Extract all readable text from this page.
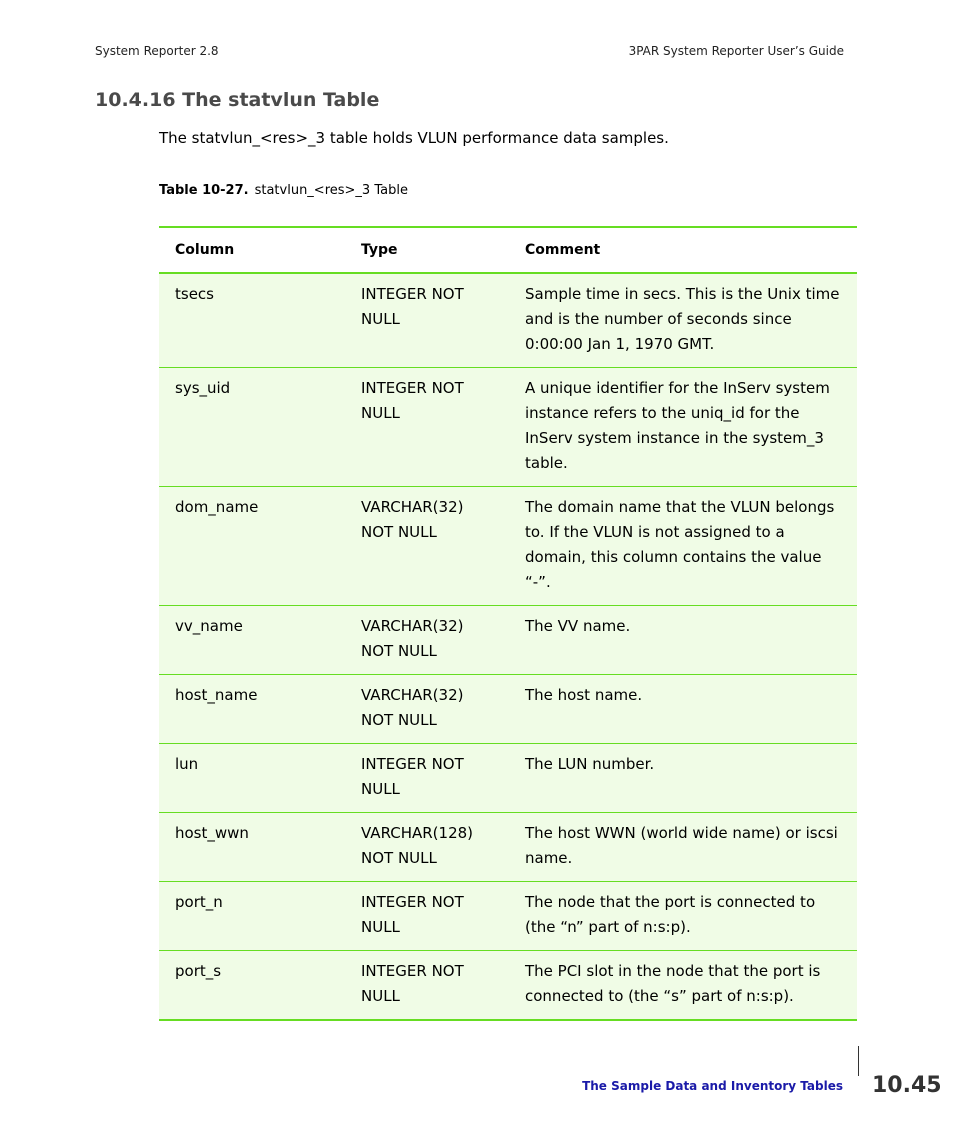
System Reporter 2.8	3PAR System Reporter User’s Guide
10.4.16 The statvlun Table

The statvlun_<res>_3 table holds VLUN performance data samples.

Table 10-27. statvlun_<res>_3 Table
Column	Type	Comment
tsecs	INTEGER NOT NULL	Sample time in secs. This is the Unix time and is the number of seconds since 0:00:00 Jan 1, 1970 GMT.
sys_uid	INTEGER NOT NULL	A unique identifier for the InServ system instance refers to the uniq_id for the InServ system instance in the system_3 table.
dom_name	VARCHAR(32) NOT NULL	The domain name that the VLUN belongs to. If the VLUN is not assigned to a domain, this column contains the value “-”.
vv_name	VARCHAR(32) NOT NULL	The VV name.
host_name	VARCHAR(32) NOT NULL	The host name.
lun	INTEGER NOT NULL	The LUN number.
host_wwn	VARCHAR(128) NOT NULL	The host WWN (world wide name) or iscsi name.
port_n	INTEGER NOT NULL	The node that the port is connected to (the “n” part of n:s:p).
port_s	INTEGER NOT NULL	The PCI slot in the node that the port is connected to (the “s” part of n:s:p).
The Sample Data and Inventory Tables 10.45
